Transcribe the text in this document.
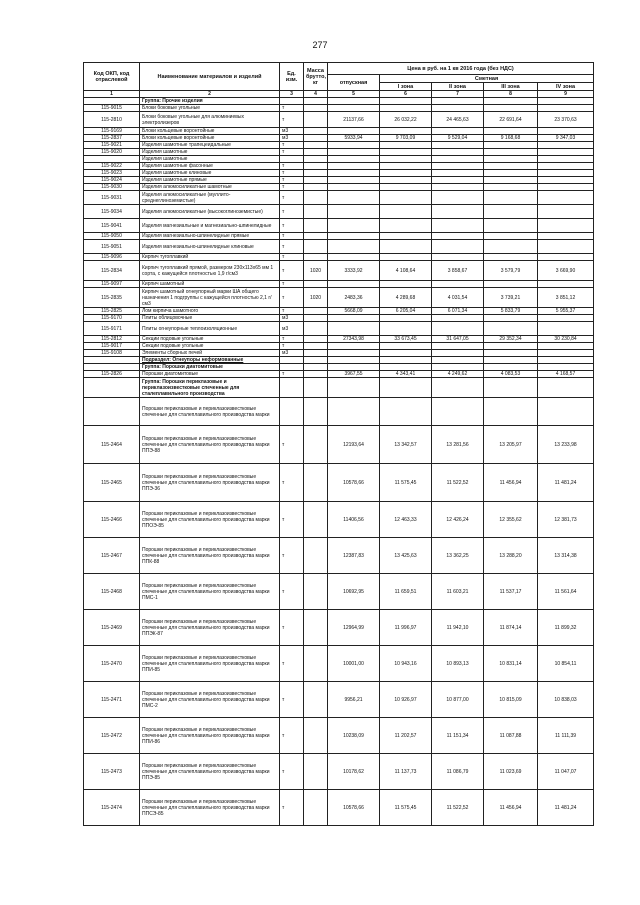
277
Код ОКП, код отраслевой	Наименование материалов и изделий	Ед. изм.	Масса брутто, кг	Цена в руб. на 1 кв 2016 года (без НДС)				
				отпускная	Сметная			
					I зона	II зона	III зона	IV зона
1	2	3	4	5	6	7	8	9
	Группа: Прочие изделия							
115-9015	Блоки боковые угольные	т						
115-2810	Блоки боковые угольные для алюминиевых электролизеров	т		21137,66	26 032,22	24 465,63	22 691,64	23 370,63
115-9169	Блоки кольцевые воронтойные	м3						
115-2837	Блоки кольцевые воронтойные	м3		5933,94	9 703,09	9 529,04	9 168,68	9 347,03
115-9021	Изделия шамотные трапецеидальные	т						
115-9020	Изделия шамотные	т						
	Изделия шамотные							
115-9022	Изделия шамотные фасонные	т						
115-9023	Изделия шамотные клиновые	т						
115-9024	Изделия шамотные прямые	т						
115-9030	Изделия алюмосиликатные шамотные	т						
115-9031	Изделия алюмосиликатные (муллито-среднеглиноземистые)	т						
115-9034	Изделия алюмосиликатные (высокоглиноземистые)	т						
115-9041	Изделия магнезиальные и магнезиально-шпинелидные	т						
115-9050	Изделия магнезиально-шпинелидные прямые	т						
115-9051	Изделия магнезиально-шпинелидные клиновые	т						
115-9096	Кирпич тугоплавкий	т						
115-2834	Кирпич тугоплавкий прямой, размером 230x113x65 мм 1 сорта, с кажущейся плотностью 1,9 г/см3	т	1020	3333,92	4 108,64	3 858,67	3 579,79	3 669,90
115-9097	Кирпич шамотный	т						
115-2835	Кирпич шамотный огнеупорный марки ША общего назначения 1 подгруппы с кажущейся плотностью 2,1 г/см3	т	1020	2483,36	4 289,68	4 031,54	3 739,21	3 851,12
115-2825	Лом кирпича шамотного	т		5668,09	6 205,04	6 071,34	5 833,79	5 955,37
115-9170	Плиты облицовочные	м3						
115-9171	Плиты огнеупорные теплоизоляционные	м3						
115-2812	Секции подовые угольные	т		27343,98	33 673,45	31 647,05	29 352,34	30 230,84
115-9017	Секции подовые угольные	т						
115-9108	Элементы сборных печей	м3						
	Подраздел: Огнеупоры неформованные							
	Группа: Порошки диатомитовые							
115-2826	Порошки диатомитовые	т		3967,55	4 343,41	4 249,62	4 083,53	4 168,57
	Группа: Порошки периклазовые и периклазоизвестковые спеченные для сталеплавильного производства							
	Порошки периклазовые и периклазоизвестковые спеченные для сталеплавильного производства марки							
115-2464	Порошки периклазовые и периклазоизвестковые спеченные для сталеплавильного производства марки ППЭ-88	т		12193,64	13 342,57	13 281,56	13 205,97	13 233,98
115-2465	Порошки периклазовые и периклазоизвестковые спеченные для сталеплавильного производства марки ППЭ-36	т		10578,66	11 575,45	11 522,52	11 456,94	11 481,24
115-2466	Порошки периклазовые и периклазоизвестковые спеченные для сталеплавильного производства марки ППОЭ-85	т		11406,56	12 463,33	12 426,24	12 355,62	12 381,73
115-2467	Порошки периклазовые и периклазоизвестковые спеченные для сталеплавильного производства марки ППК-88	т		12387,83	13 425,63	13 362,25	13 288,20	13 314,38
115-2468	Порошки периклазовые и периклазоизвестковые спеченные для сталеплавильного производства марки ПМС-1	т		10692,95	11 659,51	11 603,21	11 537,17	11 561,64
115-2469	Порошки периклазовые и периклазоизвестковые спеченные для сталеплавильного производства марки ППЭК-87	т		12964,99	11 996,97	11 942,10	11 874,14	11 899,32
115-2470	Порошки периклазовые и периклазоизвестковые спеченные для сталеплавильного производства марки ППИ-85	т		10001,00	10 943,16	10 893,13	10 831,14	10 854,11
115-2471	Порошки периклазовые и периклазоизвестковые спеченные для сталеплавильного производства марки ПМС-2	т		9956,21	10 926,97	10 877,00	10 815,09	10 838,03
115-2472	Порошки периклазовые и периклазоизвестковые спеченные для сталеплавильного производства марки ППИ-86	т		10238,09	11 202,57	11 151,34	11 087,88	11 111,39
115-2473	Порошки периклазовые и периклазоизвестковые спеченные для сталеплавильного производства марки ППЭ-85	т		10178,62	11 137,73	11 086,79	11 023,69	11 047,07
115-2474	Порошки периклазовые и периклазоизвестковые спеченные для сталеплавильного производства марки ППСЭ-85	т		10578,66	11 575,45	11 522,52	11 456,94	11 481,24
